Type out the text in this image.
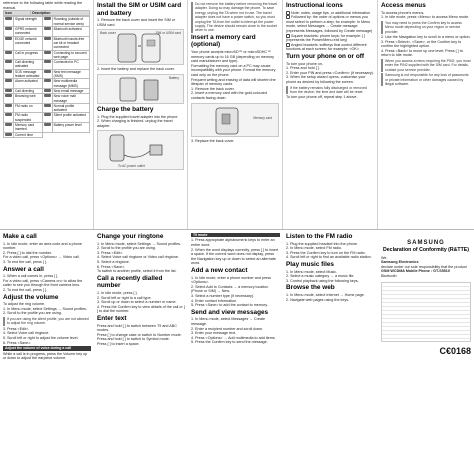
reference to the following table while reading the manual.
Icon	Description
	Signal strength		Roaming (outside of normal service area)
	GPRS network connected		Bluetooth activated
	EDGE network connected		Bluetooth hands-free car kit or headset connected
	Call in progress		Connecting to secured web page
	Call diverting activated		Connected to PC
	SOS message feature activated		New text message (SMS)
	Alarm activated		New multimedia message (MMS)
	Call diverting		New email message
	Browsing web		New voice mail message
	FM radio on		Normal profile activated
	FM radio suspended		Silent profile activated
	Memory card inserted		Battery power level
	Current time		
Install the SIM or USIM card and battery
1. Remove the back cover and insert the SIM or USIM card.
Back cover	SIM or USIM card
2. Insert the battery and replace the back cover.
Battery
Charge the battery
1. Plug the supplied travel adapter into the phone.
2. When charging is finished, unplug the travel adapter.
To AC power outlet
Do not remove the battery before removing the travel adapter. Doing so may damage the phone. To save energy, unplug the TA when not in use. The travel adapter does not have a power switch, so you must unplug the TA from the outlet to interrupt the power supply. The device should remain close to the socket when in use.
Insert a memory card (optional)
Your phone accepts microSD™ or microSDHC™ memory cards up to 16 GB (depending on memory card manufacturer and type).
Formatting the memory card on a PC may cause incompatibility with your phone. Format the memory card only on the phone.
Frequent writing and erasing of data will shorten the lifespan of memory cards.
1. Remove the back cover.
2. Insert a memory card with the gold-coloured contacts facing down.
Memory card
3. Replace the back cover.
Instructional icons
Note: notes, usage tips, or additional information
Followed by: the order of options or menus you must select to perform a step; for example: In Menu mode, select Messages → Create message (represents Messages, followed by Create message)
Square brackets: phone keys; for example: [ ] (represents the Power/Menu exit key)
Angled brackets: softkeys that control different functions at each screen; for example: <OK>
Turn your phone on or off
To turn your phone on,
1. Press and hold [ ].
2. Enter your PIN and press <Confirm> (if necessary).
3. When the setup wizard opens, customise your phone as desired by following the screen.
If the battery remains fully discharged or removed from the device, the time and date will be reset.
To turn your phone off, repeat step 1 above.
Access menus
To access phone's menus,
1. In Idle mode, press <Menu> to access Menu mode.
You may need to press the Confirm key to access Menu mode depending on your region or service provider.
2. Use the Navigation key to scroll to a menu or option.
3. Press <Select>, <Save>, or the Confirm key to confirm the highlighted option.
4. Press <Back> to move up one level; Press [ ] to return to Idle mode.
When you access a menu requiring the PIN2, you must enter the PIN2 supplied with the SIM card. For details, contact your service provider.
Samsung is not responsible for any loss of passwords or private information or other damages caused by illegal software.
Make a call
1. In Idle mode, enter an area code and a phone number.
2. Press [ ] to dial the number.
For a video call, press <Options> → Video call.
3. To end the call, press [ ].
Answer a call
1. When a call comes in, press [ ].
For a video call, press <Camera on> to allow the caller to see you through the front camera lens.
2. To end the call, press [ ].
Adjust the volume
To adjust the ring volume,
1. In Menu mode, select Settings → Sound profiles.
2. Scroll to the profile you are using.
If you are using the silent profile, you are not allowed to adjust the ring volume.
3. Press <Edit>.
4. Select Voice call ringtone.
5. Scroll left or right to adjust the volume level.
6. Press <Save>.
Adjust the volume of voice during a call
While a call is in progress, press the Volume key up or down to adjust the earpiece volume.
Change your ringtone
1. In Menu mode, select Settings → Sound profiles.
2. Scroll to the profile you are using.
3. Press <Edit>.
4. Select Voice call ringtone or Video call ringtone.
5. Select a ringtone.
6. Press <Save>.
To switch to another profile, select it from the list.
Call a recently dialled number
1. In Idle mode, press [ ].
2. Scroll left or right to a call type.
3. Scroll up or down to select a number or name.
4. Press the Confirm key to view details of the call or [ ] to dial the number.
Enter text
Press and hold [ ] to switch between T9 and ABC modes.
Press [ ] to change case or switch to Number mode.
Press and hold [ ] to switch to Symbol mode.
Press [ ] to insert a space.
T9 mode
1. Press appropriate alphanumeric keys to enter an entire word.
2. When the word displays correctly, press [ ] to insert a space. If the correct word does not display, press the Navigation key up or down to select an alternate word.
Add a new contact
1. In Idle mode, enter a phone number and press <Options>.
2. Select Add to Contacts → a memory location (Phone or SIM) → New.
3. Select a number type (if necessary).
4. Enter contact information.
5. Press <Save> to add the contact to memory.
Send and view messages
1. In Menu mode, select Messages → Create message.
2. Enter a recipient number and scroll down.
3. Enter your message text.
4. Press <Options> → Add multimedia to add items.
5. Press the Confirm key to send the message.
Listen to the FM radio
1. Plug the supplied headset into the phone.
2. In Menu mode, select FM radio.
3. Press the Confirm key to turn on the FM radio.
4. Scroll left or right to find an available radio station.
Play music files
1. In Menu mode, select Music.
2. Select a music category → a music file.
3. Control playback using the following keys.
Browse the web
1. In Menu mode, select Internet → Home page.
2. Navigate web pages using the keys.
SAMSUNG
Declaration of Conformity (R&TTE)
We,
Samsung Electronics
declare under our sole responsibility that the product
GSM WCDMA Mobile Phone : GT-S5510
Bluetooth
C€0168
